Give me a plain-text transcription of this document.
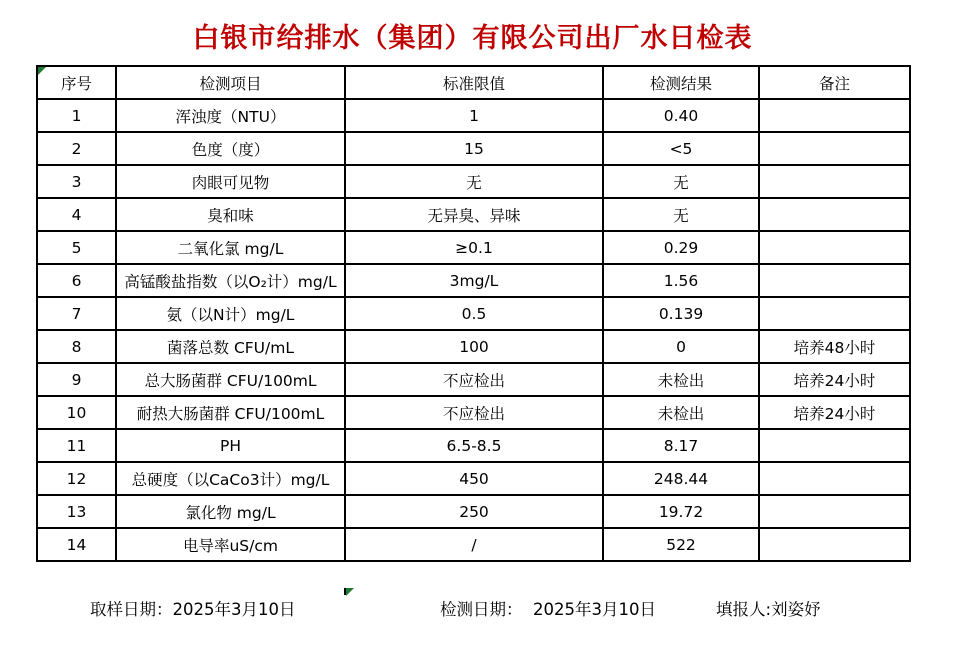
白银市给排水（集团）有限公司出厂水日检表
序号	检测项目	标准限值	检测结果	备注
1	浑浊度（NTU）	1	0.40	
2	色度（度）	15	<5	
3	肉眼可见物	无	无	
4	臭和味	无异臭、异味	无	
5	二氧化氯 mg/L	≥0.1	0.29	
6	高锰酸盐指数（以O₂计）mg/L	3mg/L	1.56	
7	氨（以N计）mg/L	0.5	0.139	
8	菌落总数 CFU/mL	100	0	培养48小时
9	总大肠菌群 CFU/100mL	不应检出	未检出	培养24小时
10	耐热大肠菌群 CFU/100mL	不应检出	未检出	培养24小时
11	PH	6.5-8.5	8.17	
12	总硬度（以CaCo3计）mg/L	450	248.44	
13	氯化物 mg/L	250	19.72	
14	电导率uS/cm	/	522	
取样日期：2025年3月10日	检测日期：  2025年3月10日	填报人:刘姿妤
